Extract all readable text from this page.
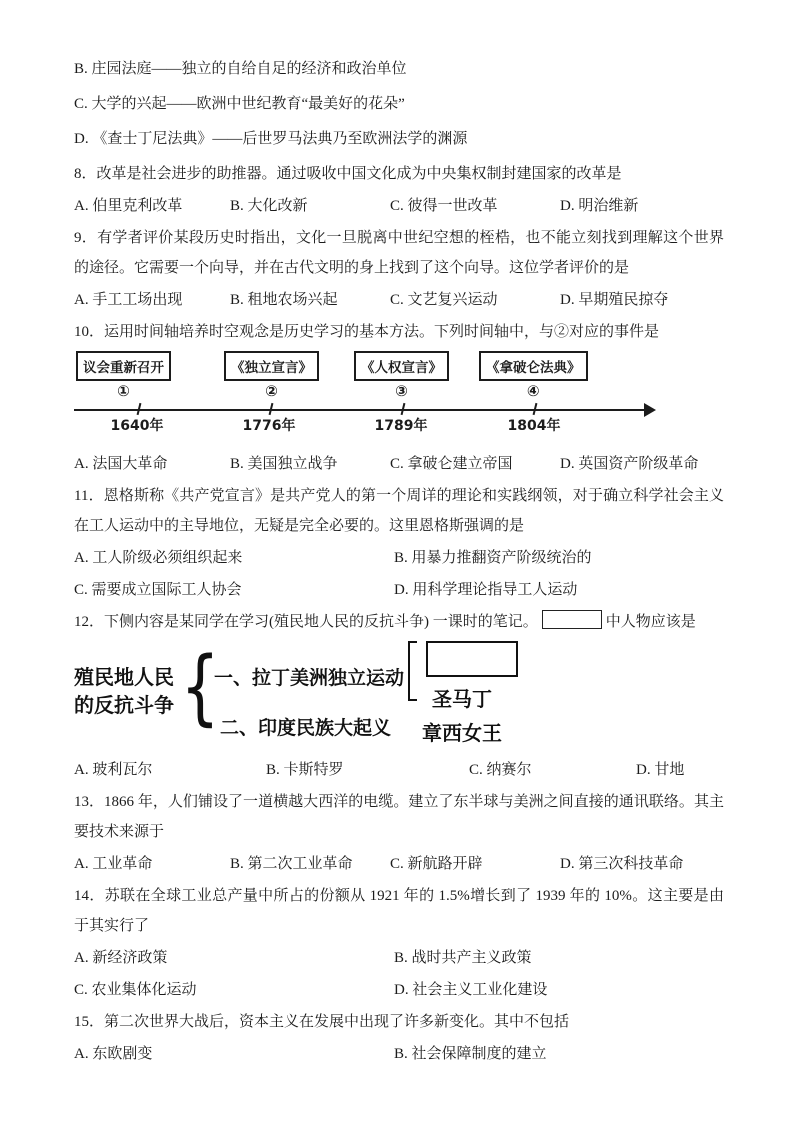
B. 庄园法庭——独立的自给自足的经济和政治单位

C. 大学的兴起——欧洲中世纪教育“最美好的花朵”

D. 《查士丁尼法典》——后世罗马法典乃至欧洲法学的渊源

8．改革是社会进步的助推器。通过吸收中国文化成为中央集权制封建国家的改革是

A. 伯里克利改革	B. 大化改新	C. 彼得一世改革	D. 明治维新

9．有学者评价某段历史时指出，文化一旦脱离中世纪空想的桎梏，也不能立刻找到理解这个世界的途径。它需要一个向导，并在古代文明的身上找到了这个向导。这位学者评价的是

A. 手工工场出现	B. 租地农场兴起	C. 文艺复兴运动	D. 早期殖民掠夺

10．运用时间轴培养时空观念是历史学习的基本方法。下列时间轴中，与②对应的事件是

议会重新召开
①
《独立宣言》
②
《人权宣言》
③
《拿破仑法典》
④
1640年	1776年	1789年	1804年
A. 法国大革命	B. 美国独立战争	C. 拿破仑建立帝国	D. 英国资产阶级革命

11．恩格斯称《共产党宣言》是共产党人的第一个周详的理论和实践纲领，对于确立科学社会主义在工人运动中的主导地位，无疑是完全必要的。这里恩格斯强调的是

A. 工人阶级必须组织起来	B. 用暴力推翻资产阶级统治的
C. 需要成立国际工人协会	D. 用科学理论指导工人运动

12．下侧内容是某同学在学习(殖民地人民的反抗斗争) 一课时的笔记。	中人物应该是

殖民地人民
的反抗斗争 {
一、拉丁美洲独立运动
二、印度民族大起义
圣马丁
章西女王
A. 玻利瓦尔	B. 卡斯特罗	C. 纳赛尔	D. 甘地

13．1866 年，人们铺设了一道横越大西洋的电缆。建立了东半球与美洲之间直接的通讯联络。其主要技术来源于

A. 工业革命	B. 第二次工业革命	C. 新航路开辟	D. 第三次科技革命

14．苏联在全球工业总产量中所占的份额从 1921 年的 1.5%增长到了 1939 年的 10%。这主要是由于其实行了

A. 新经济政策	B. 战时共产主义政策
C. 农业集体化运动	D. 社会主义工业化建设

15．第二次世界大战后，资本主义在发展中出现了许多新变化。其中不包括

A. 东欧剧变	B. 社会保障制度的建立
